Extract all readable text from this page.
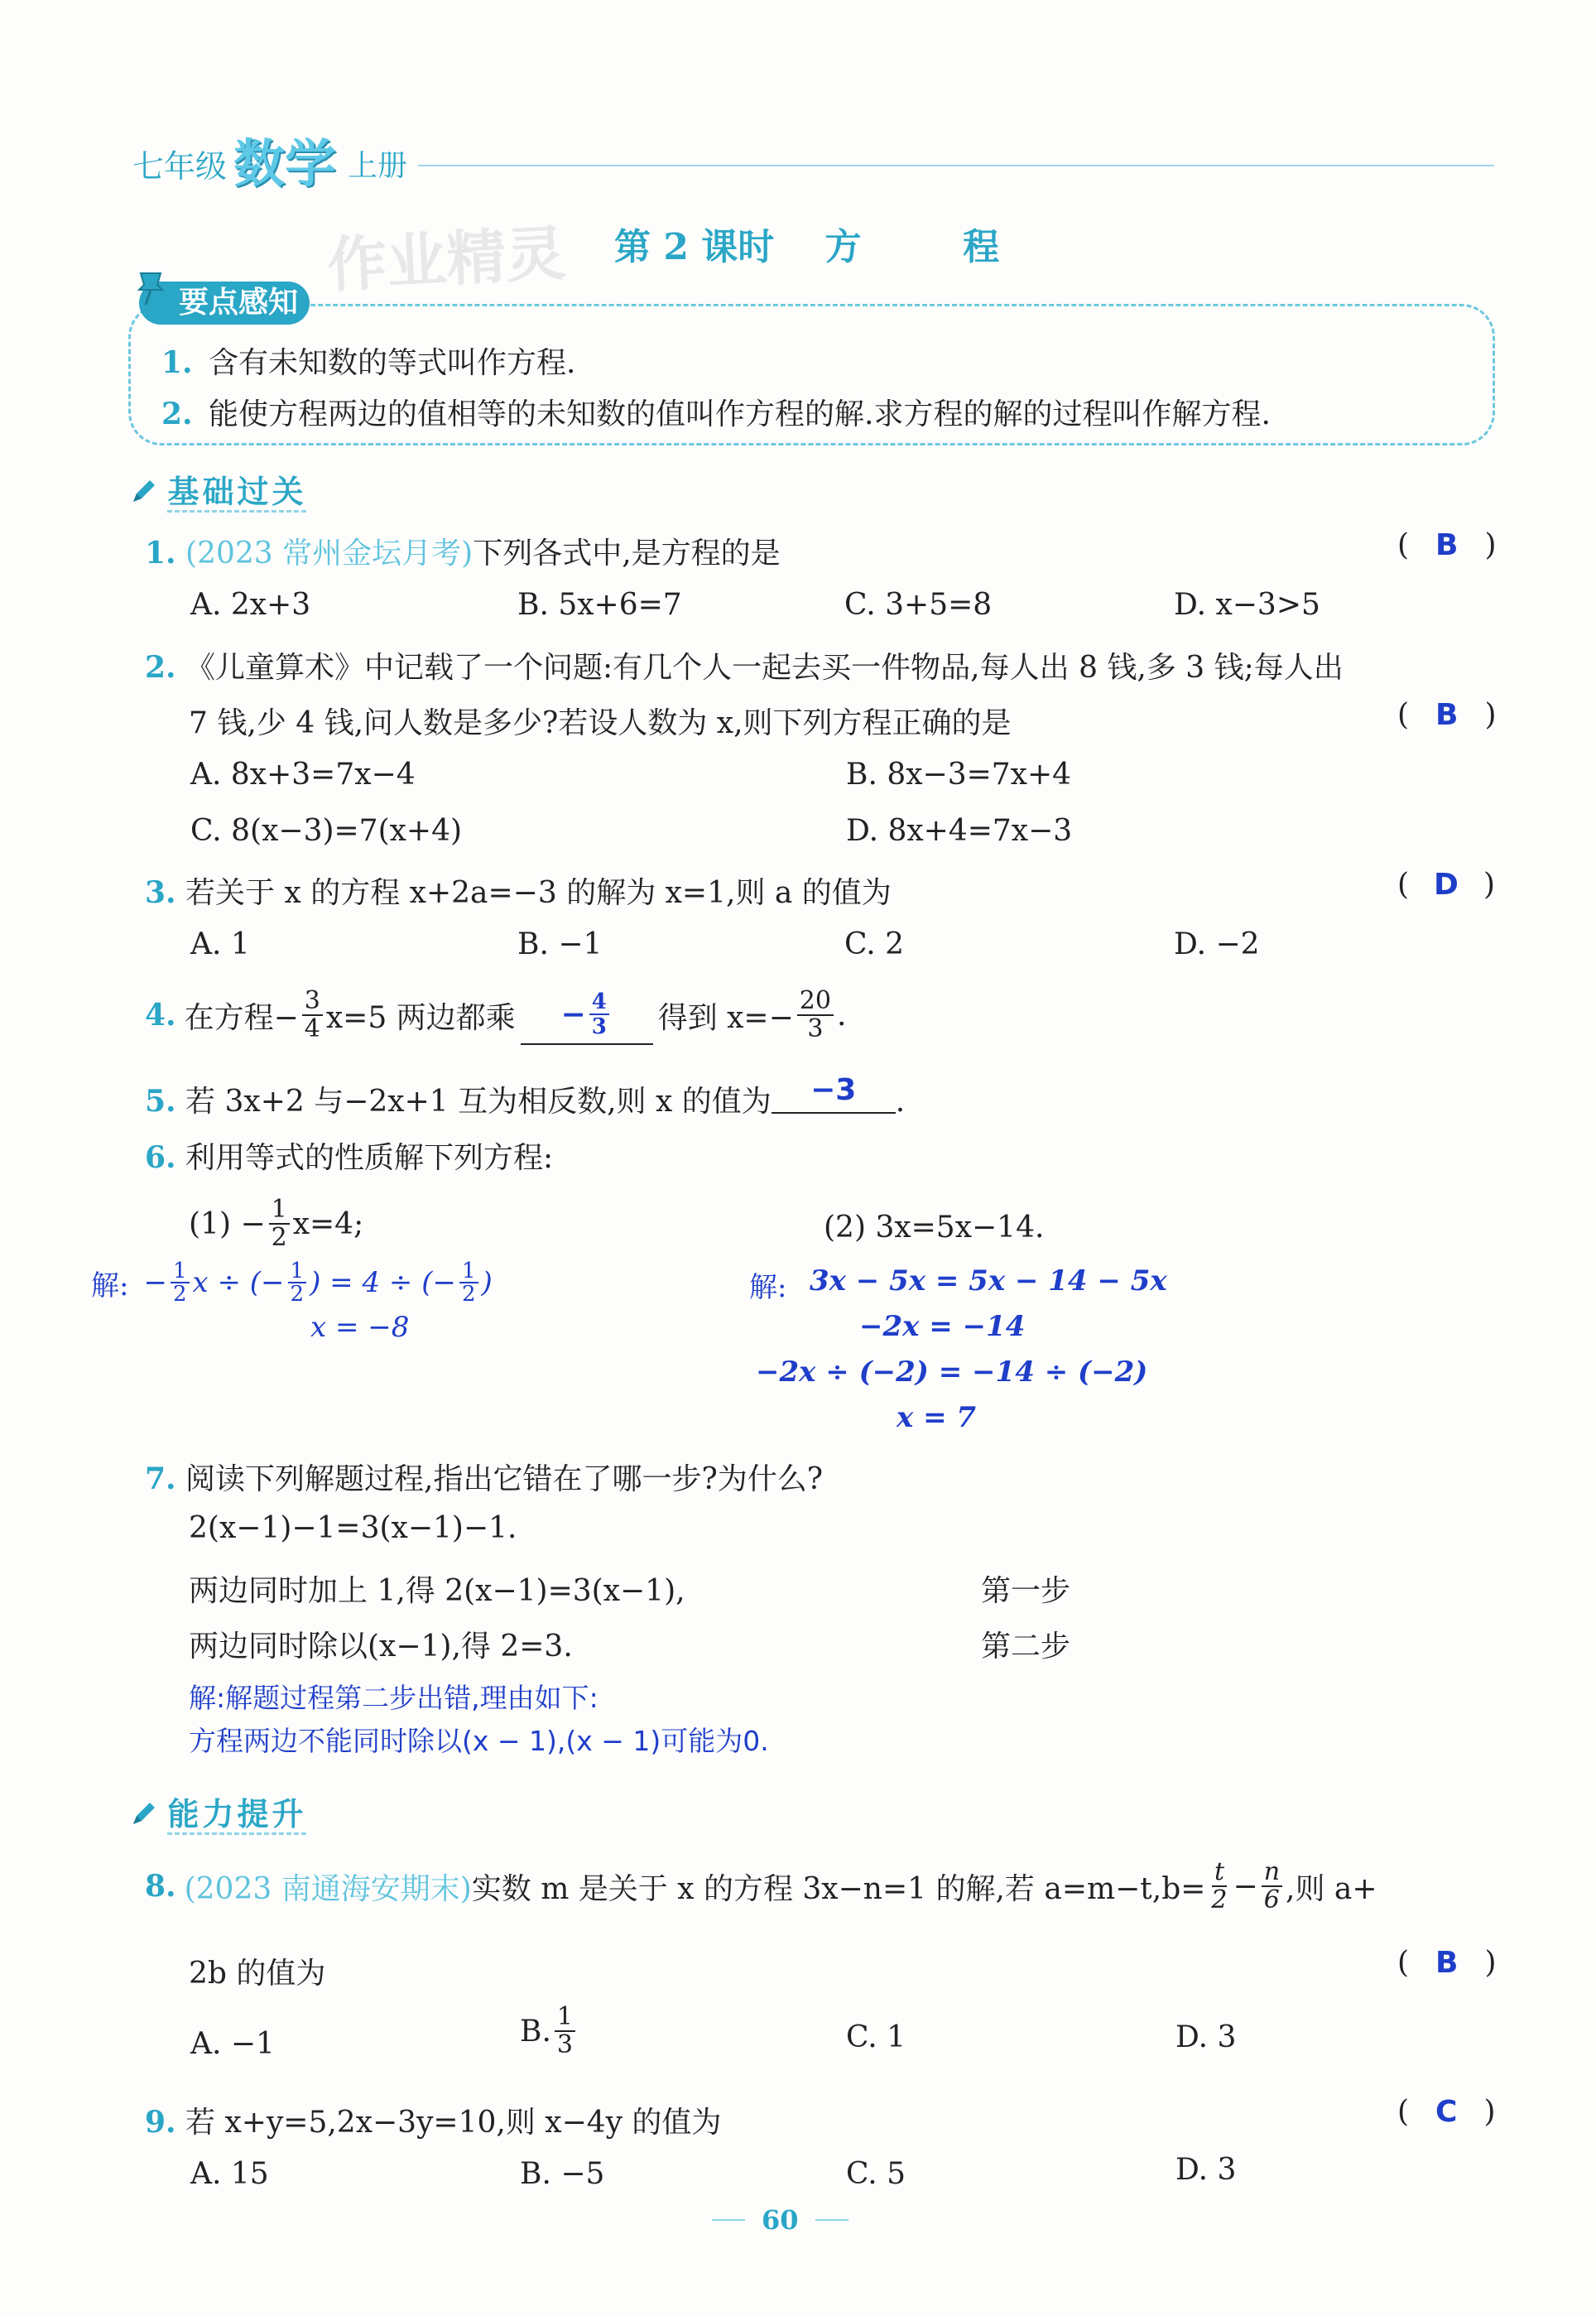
七年级 数学 上册
作业精灵 第 2 课时    方        程
要点感知
1. 含有未知数的等式叫作方程.
2. 能使方程两边的值相等的未知数的值叫作方程的解.求方程的解的过程叫作解方程.
基础过关
1. (2023 常州金坛月考)下列各式中,是方程的是	( B )
A. 2x+3	B. 5x+6=7	C. 3+5=8	D. x−3>5
2. 《儿童算术》中记载了一个问题:有几个人一起去买一件物品,每人出 8 钱,多 3 钱;每人出
7 钱,少 4 钱,问人数是多少?若设人数为 x,则下列方程正确的是	( B )
A. 8x+3=7x−4	B. 8x−3=7x+4
C. 8(x−3)=7(x+4)	D. 8x+4=7x−3
3. 若关于 x 的方程 x+2a=−3 的解为 x=1,则 a 的值为	( D )
A. 1	B. −1	C. 2	D. −2
4. 在方程− $\frac{3}{4} x=5$ 两边都乘 − $\frac{4}{3}$ 得到 $x=- \frac{20}{3}$ .
5. 若 3x+2 与−2x+1 互为相反数,则 x 的值为 −3 .
6. 利用等式的性质解下列方程:
$(1) - \frac{1}{2} x=4$;	(2) 3x=5x−14.
解: − $\frac{1}{2}$ x ÷ (− $\frac{1}{2}$ ) = 4 ÷ (− $\frac{1}{2}$ )
x = −8
解: 3x − 5x = 5x − 14 − 5x
−2x = −14
−2x ÷ (−2) = −14 ÷ (−2)
x = 7
7. 阅读下列解题过程,指出它错在了哪一步?为什么?
2(x−1)−1=3(x−1)−1.
两边同时加上 1,得 2(x−1)=3(x−1),	第一步
两边同时除以(x−1),得 2=3.	第二步
解:解题过程第二步出错,理由如下:
方程两边不能同时除以(x − 1),(x − 1)可能为0.
能力提升
8. (2023 南通海安期末) 实数 m 是关于 x 的方程 3x−n=1 的解,若 $a=m-t,b= \frac{t}{2} - \frac{n}{6}$ ,则 a+
2b 的值为	( B )
A. −1	B. $\frac{1}{3}$	C. 1	D. 3
9. 若 x+y=5,2x−3y=10,则 x−4y 的值为	( C )
A. 15	B. −5	C. 5	D. 3
60
